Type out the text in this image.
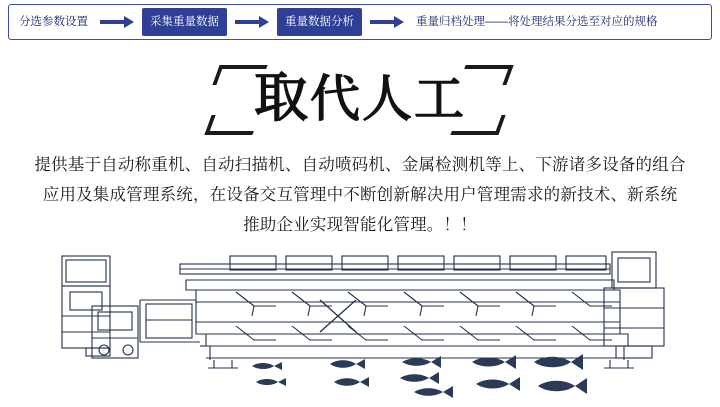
分选参数设置	采集重量数据	重量数据分析	重量归档处理——将处理结果分选至对应的规格
取代人工
提供基于自动称重机、自动扫描机、自动喷码机、金属检测机等上、下游诸多设备的组合
应用及集成管理系统，在设备交互管理中不断创新解决用户管理需求的新技术、新系统
推助企业实现智能化管理。！！
